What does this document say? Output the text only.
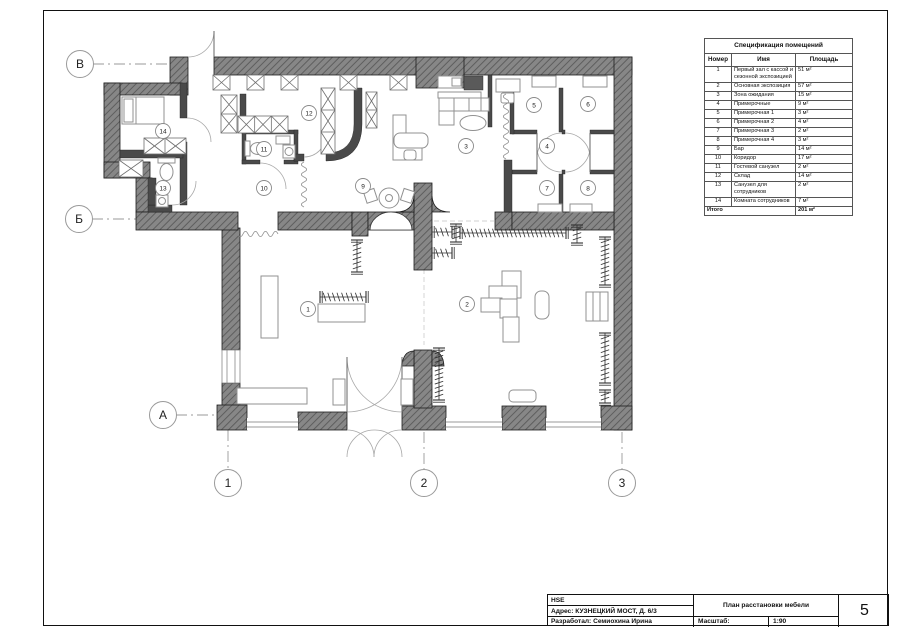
1
2
3	4
5	6
7	8
9
10
11
12
13
14
В
Б
А
1	2	3
Спецификация помещений		
Номер	Имя	Площадь
1	Первый зал с кассой и сезонной экспозицией	51 м²
2	Основная экспозиция	57 м²
3	Зона ожидания	15 м²
4	Примерочные	9 м²
5	Примерочная 1	3 м²
6	Примерочная 2	4 м²
7	Примерочная 3	2 м²
8	Примерочная 4	3 м²
9	Бар	14 м²
10	Коридор	17 м²
11	Гостевой санузел	2 м²
12	Склад	14 м²
13	Санузел для сотрудников	2 м²
14	Комната сотрудников	7 м²
Итого		201 м²
HSE
Адрес: КУЗНЕЦКИЙ МОСТ, Д. 6/3
Разработал: Семиохина Ирина
План расстановки мебели
Масштаб:	1:90
5
